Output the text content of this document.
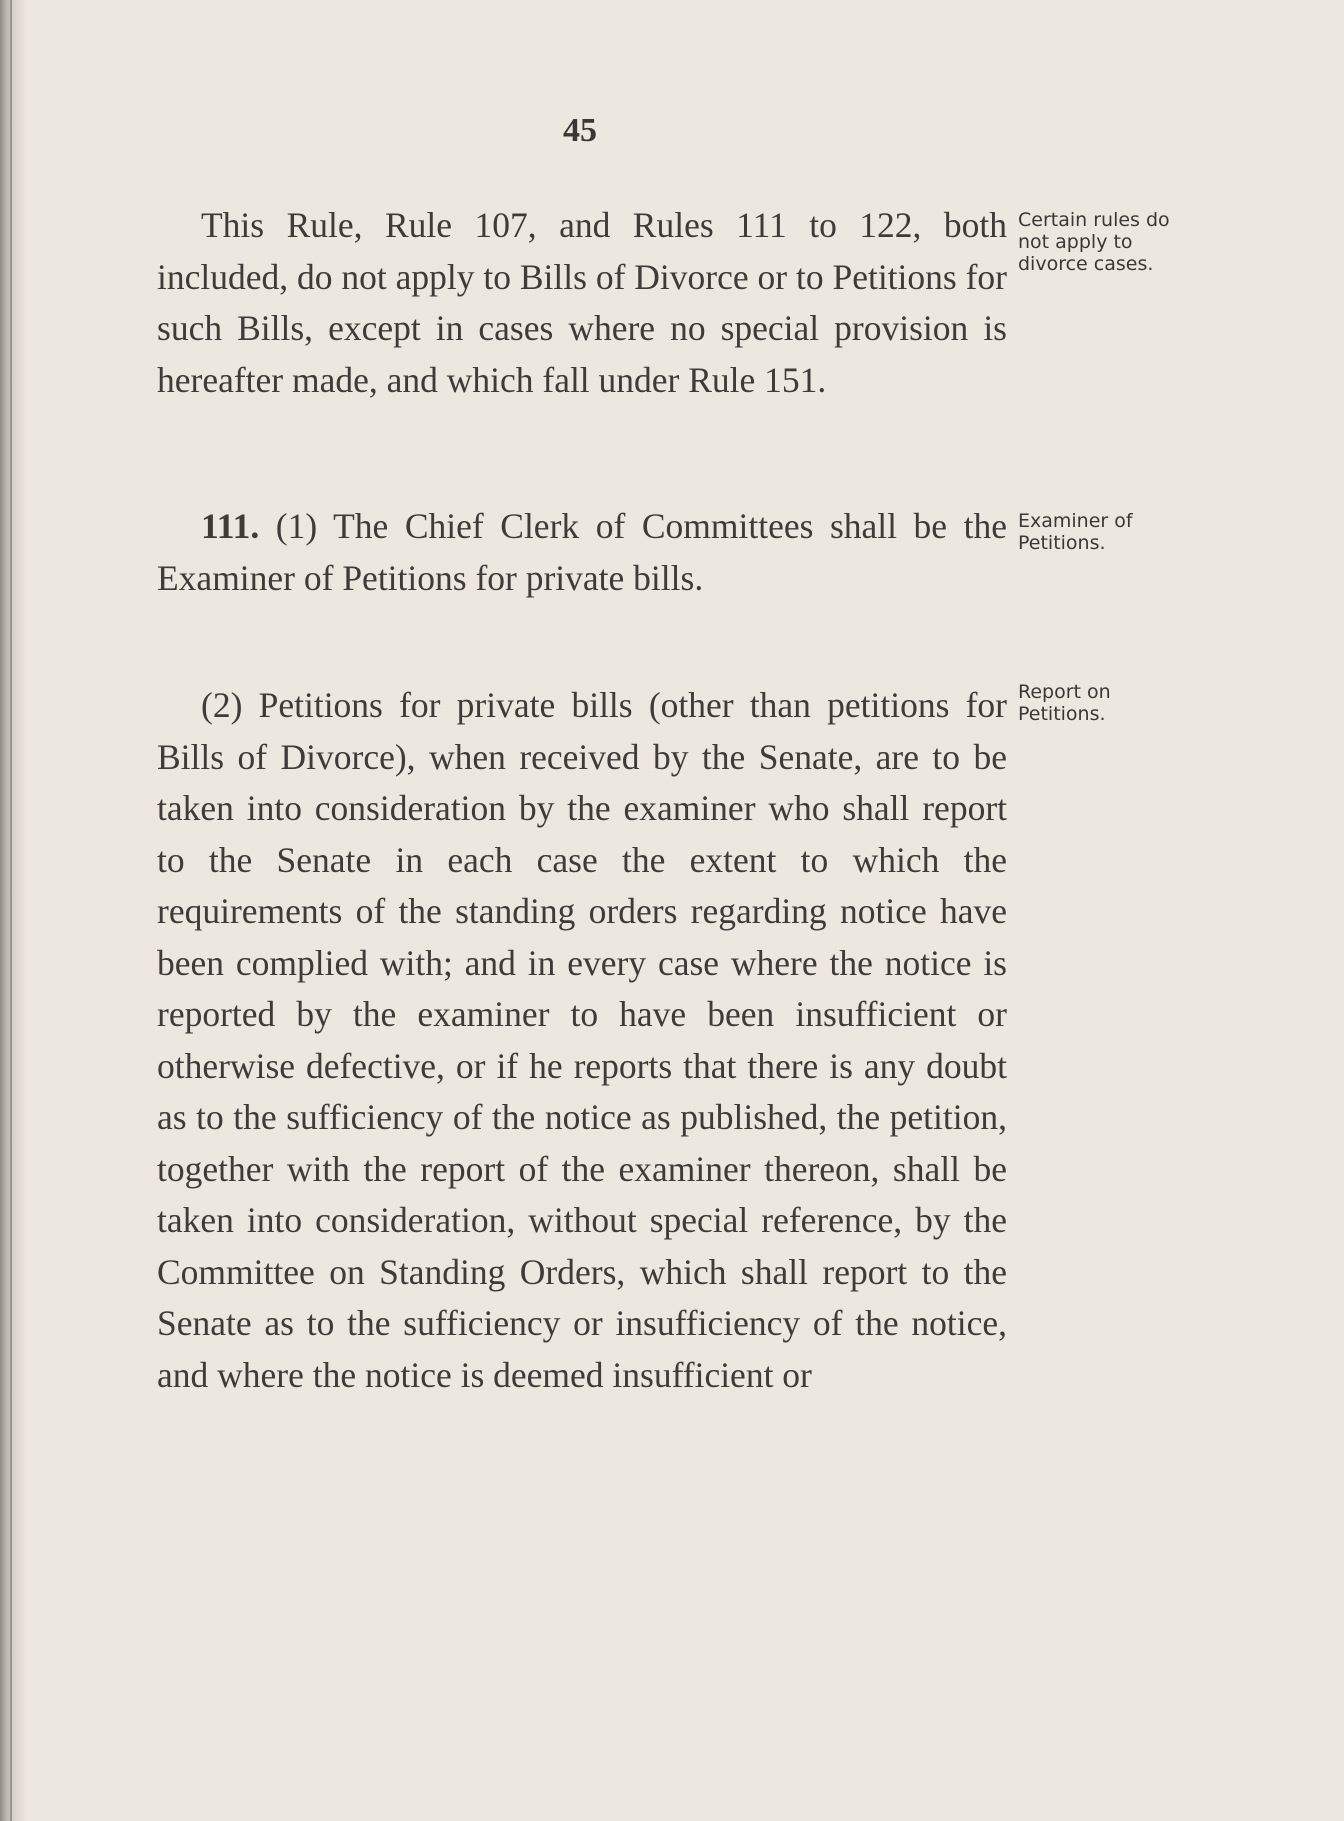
45

This Rule, Rule 107, and Rules 111 to 122, both included, do not apply to Bills of Divorce or to Petitions for such Bills, except in cases where no special provision is hereafter made, and which fall under Rule 151.

Certain rules do not apply to divorce cases.

111. (1) The Chief Clerk of Committees shall be the Examiner of Petitions for private bills.

Examiner of Petitions.

(2) Petitions for private bills (other than petitions for Bills of Divorce), when received by the Senate, are to be taken into consideration by the examiner who shall report to the Senate in each case the extent to which the requirements of the standing orders regarding notice have been complied with; and in every case where the notice is reported by the examiner to have been insufficient or otherwise defective, or if he reports that there is any doubt as to the sufficiency of the notice as published, the petition, together with the report of the examiner thereon, shall be taken into consideration, without special reference, by the Committee on Standing Orders, which shall report to the Senate as to the sufficiency or insufficiency of the notice, and where the notice is deemed insufficient or

Report on Petitions.
